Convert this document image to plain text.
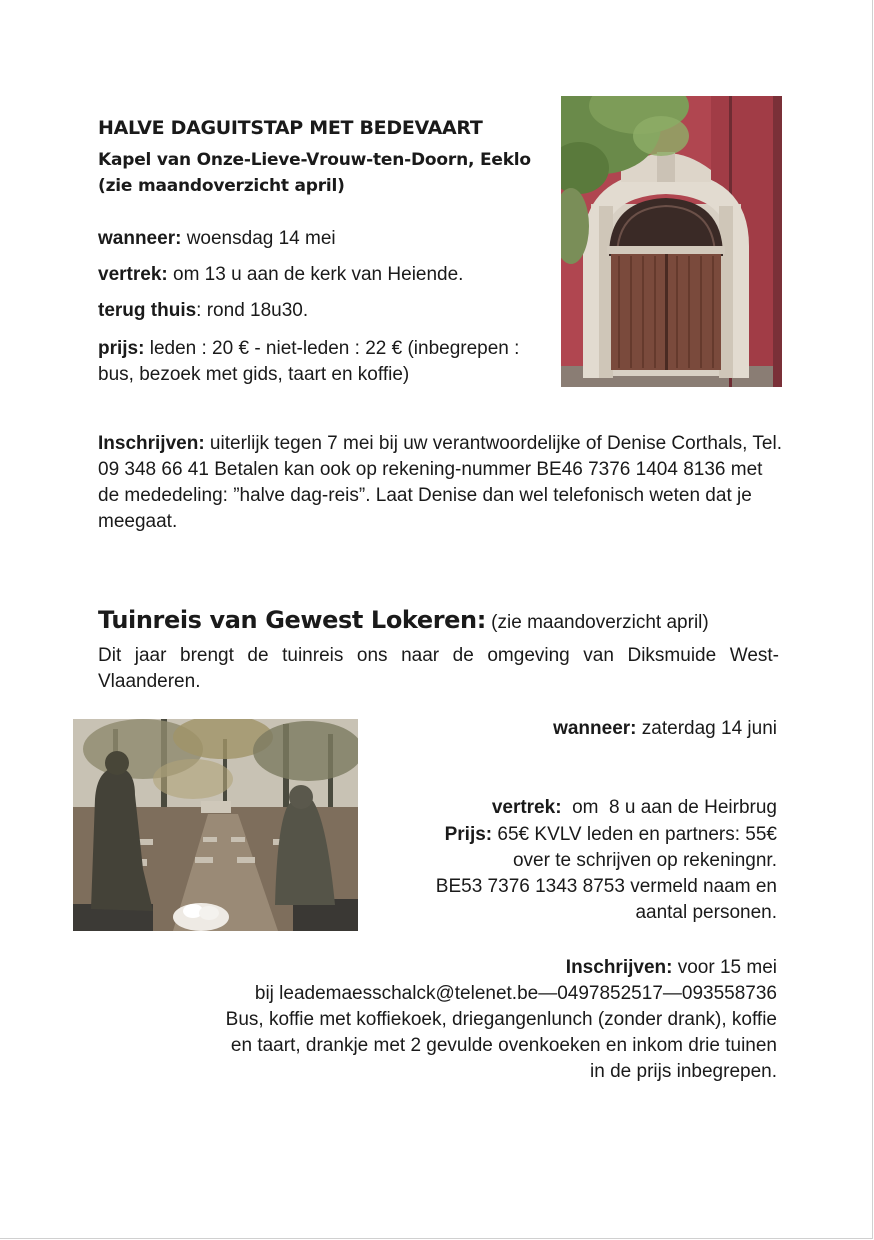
HALVE DAGUITSTAP MET BEDEVAART
Kapel van Onze-Lieve-Vrouw-ten-Doorn, Eeklo (zie maandoverzicht april)
wanneer: woensdag 14 mei
vertrek: om 13 u aan de kerk van Heiende.
terug thuis: rond 18u30.
prijs: leden : 20 € - niet-leden : 22 € (inbegrepen : bus, bezoek met gids, taart en koffie)
Inschrijven: uiterlijk tegen 7 mei bij uw verantwoordelijke of Denise Corthals, Tel. 09 348 66 41 Betalen kan ook op rekening-nummer BE46 7376 1404 8136 met de mededeling: ”halve dag-reis”. Laat Denise dan wel telefonisch weten dat je meegaat.
Tuinreis van Gewest Lokeren: (zie maandoverzicht april)
Dit jaar brengt de tuinreis ons naar de omgeving van Diksmuide West-Vlaanderen.
wanneer: zaterdag 14 juni

vertrek:  om  8 u aan de Heirbrug

Prijs: 65€ KVLV leden en partners: 55€
over te schrijven op rekeningnr.
BE53 7376 1343 8753 vermeld naam en
aantal personen.
Inschrijven: voor 15 mei
bij leademaesschalck@telenet.be—0497852517—093558736
Bus, koffie met koffiekoek, driegangenlunch (zonder drank), koffie
en taart, drankje met 2 gevulde ovenkoeken en inkom drie tuinen
in de prijs inbegrepen.
